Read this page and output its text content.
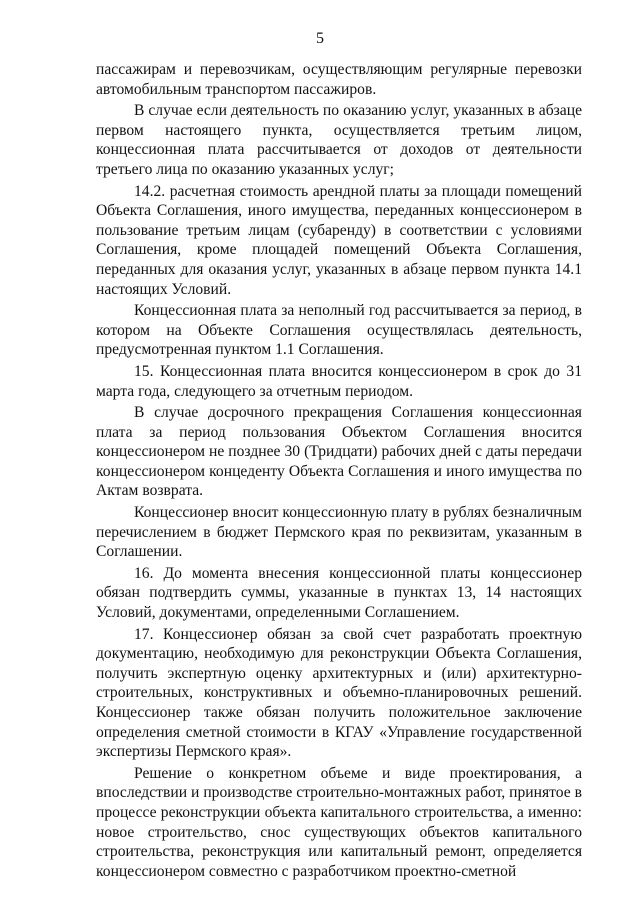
5

пассажирам и перевозчикам, осуществляющим регулярные перевозки автомобильным транспортом пассажиров.

В случае если деятельность по оказанию услуг, указанных в абзаце первом настоящего пункта, осуществляется третьим лицом, концессионная плата рассчитывается от доходов от деятельности третьего лица по оказанию указанных услуг;

14.2. расчетная стоимость арендной платы за площади помещений Объекта Соглашения, иного имущества, переданных концессионером в пользование третьим лицам (субаренду) в соответствии с условиями Соглашения, кроме площадей помещений Объекта Соглашения, переданных для оказания услуг, указанных в абзаце первом пункта 14.1 настоящих Условий.

Концессионная плата за неполный год рассчитывается за период, в котором на Объекте Соглашения осуществлялась деятельность, предусмотренная пунктом 1.1 Соглашения.

15. Концессионная плата вносится концессионером в срок до 31 марта года, следующего за отчетным периодом.

В случае досрочного прекращения Соглашения концессионная плата за период пользования Объектом Соглашения вносится концессионером не позднее 30 (Тридцати) рабочих дней с даты передачи концессионером концеденту Объекта Соглашения и иного имущества по Актам возврата.

Концессионер вносит концессионную плату в рублях безналичным перечислением в бюджет Пермского края по реквизитам, указанным в Соглашении.

16. До момента внесения концессионной платы концессионер обязан подтвердить суммы, указанные в пунктах 13, 14 настоящих Условий, документами, определенными Соглашением.

17. Концессионер обязан за свой счет разработать проектную документацию, необходимую для реконструкции Объекта Соглашения, получить экспертную оценку архитектурных и (или) архитектурно-строительных, конструктивных и объемно-планировочных решений. Концессионер также обязан получить положительное заключение определения сметной стоимости в КГАУ «Управление государственной экспертизы Пермского края».

Решение о конкретном объеме и виде проектирования, а впоследствии и производстве строительно-монтажных работ, принятое в процессе реконструкции объекта капитального строительства, а именно: новое строительство, снос существующих объектов капитального строительства, реконструкция или капитальный ремонт, определяется концессионером совместно с разработчиком проектно-сметной
